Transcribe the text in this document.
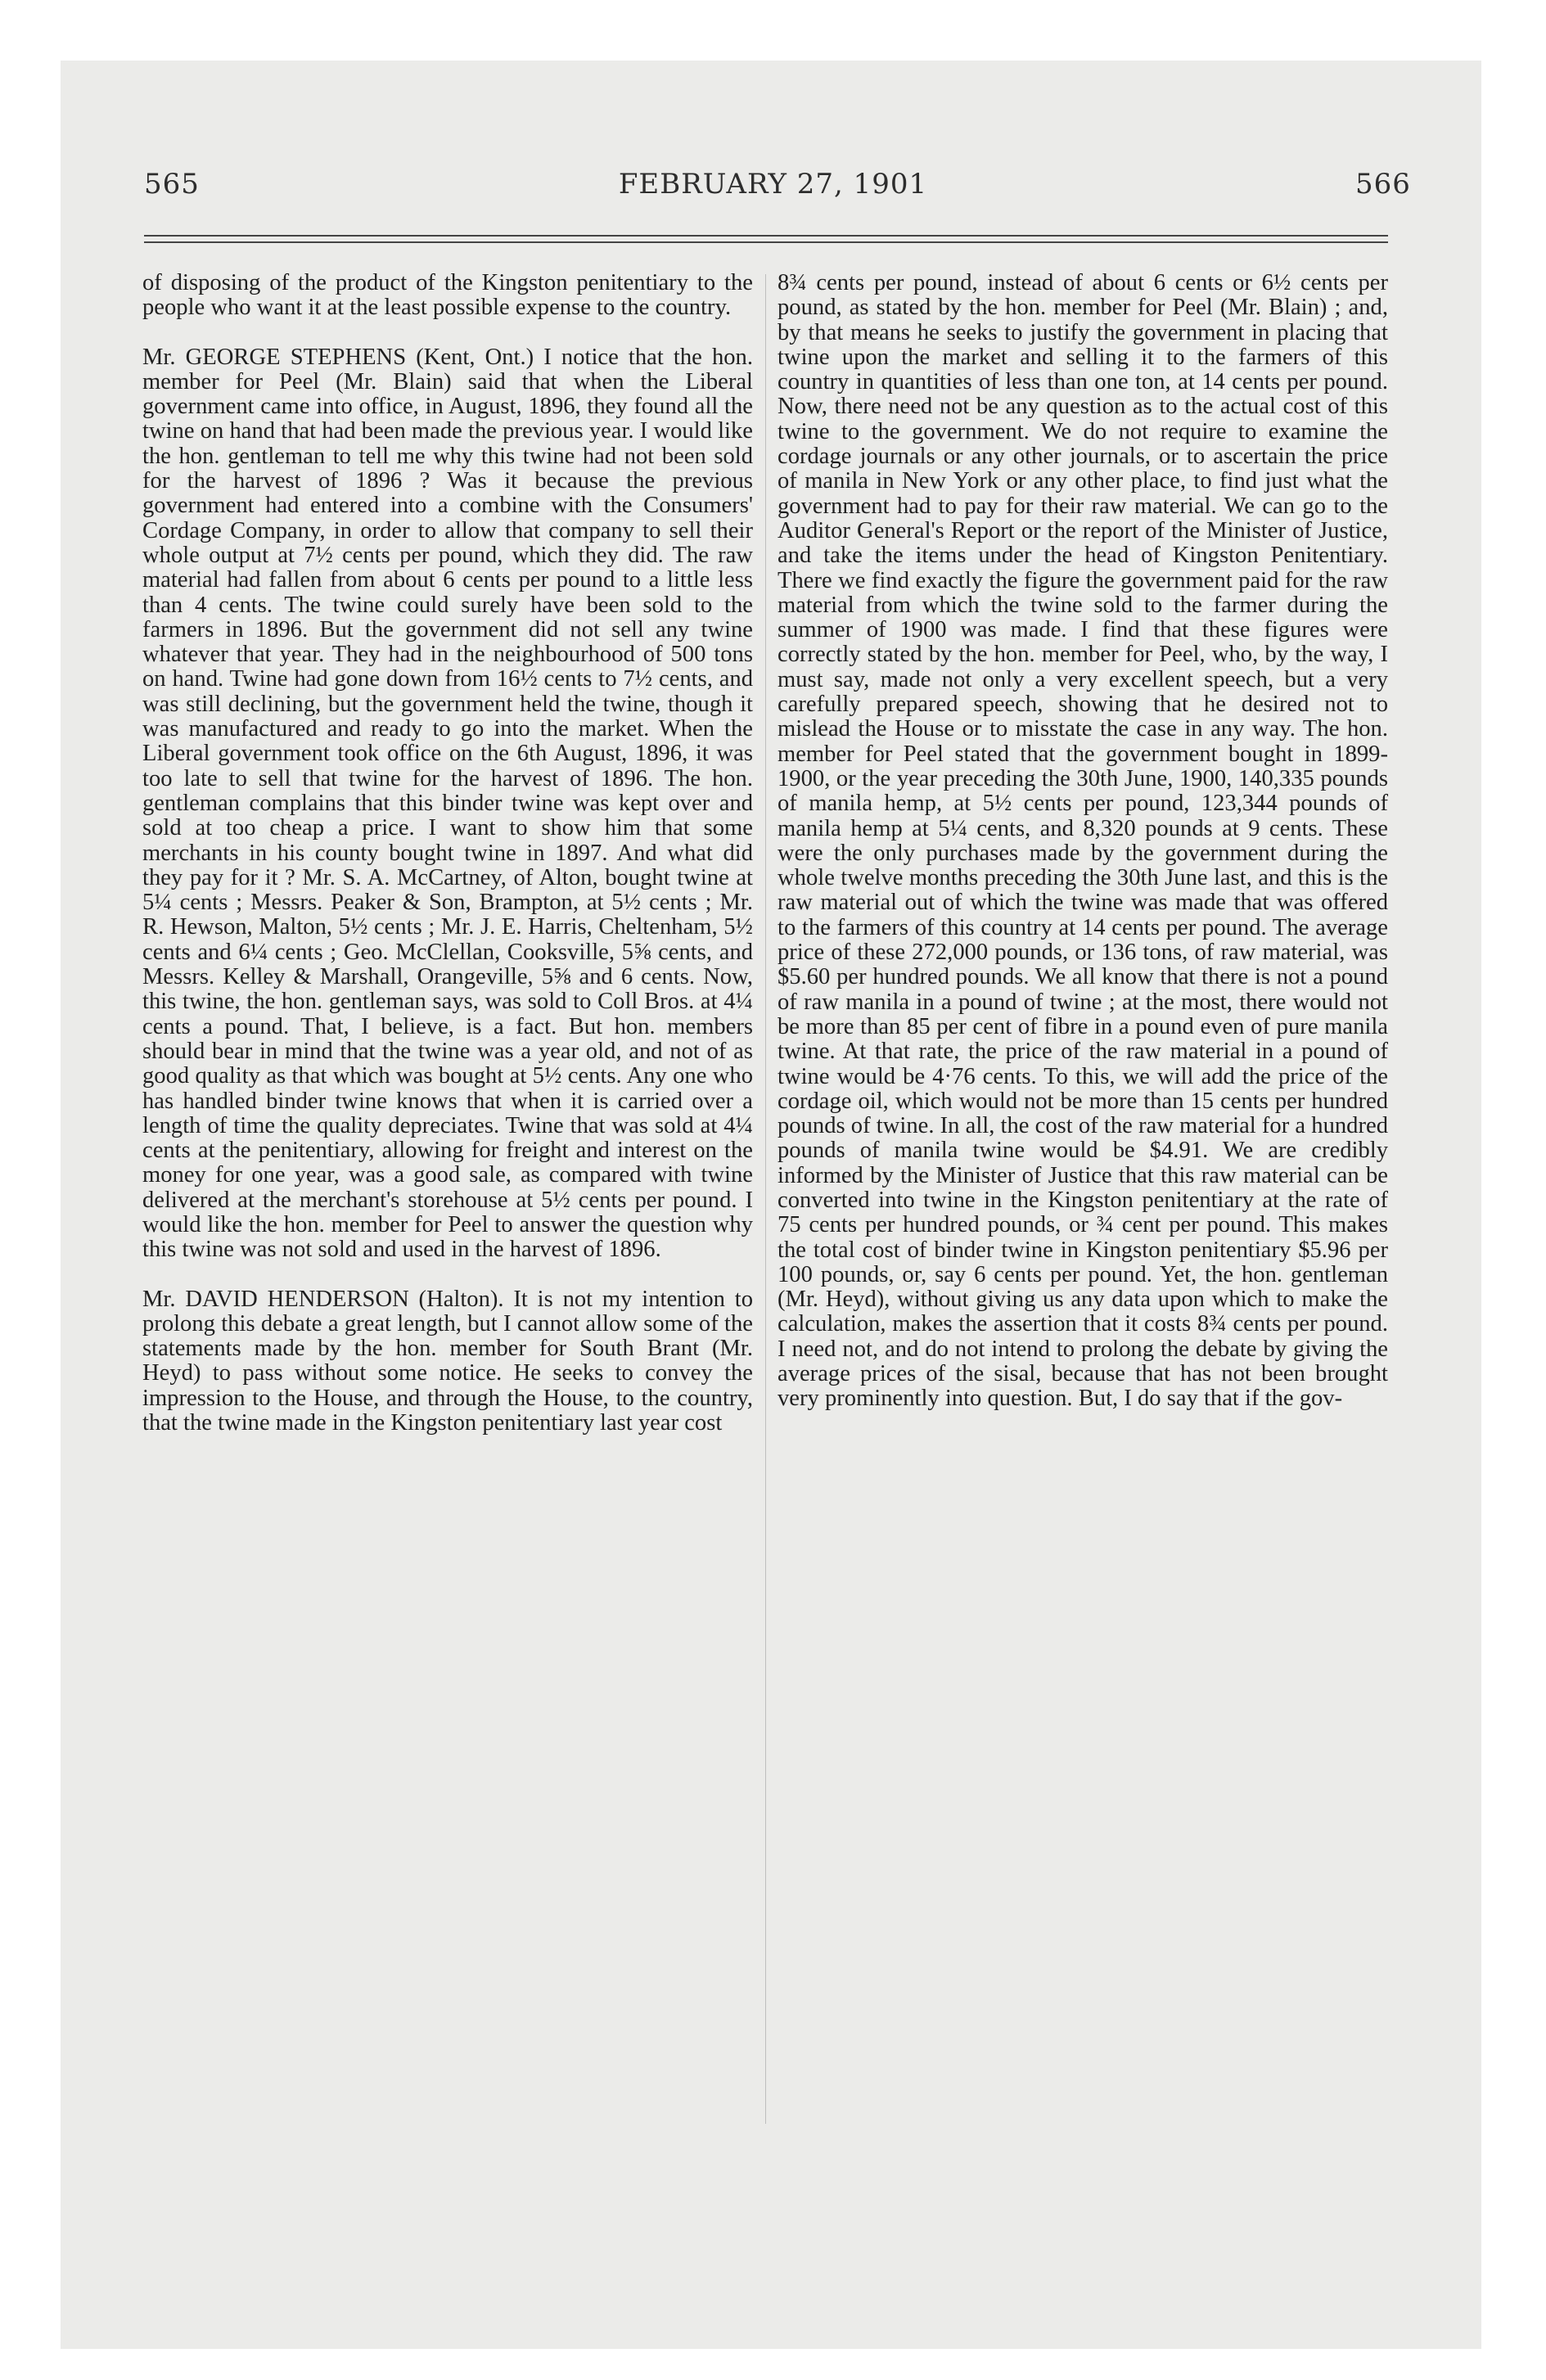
565	FEBRUARY 27, 1901	566

of disposing of the product of the Kingston penitentiary to the people who want it at the least possible expense to the country.

Mr. GEORGE STEPHENS (Kent, Ont.) I notice that the hon. member for Peel (Mr. Blain) said that when the Liberal government came into office, in August, 1896, they found all the twine on hand that had been made the previous year. I would like the hon. gentleman to tell me why this twine had not been sold for the harvest of 1896 ? Was it because the previous government had entered into a combine with the Consumers' Cordage Company, in order to allow that company to sell their whole output at 7½ cents per pound, which they did. The raw material had fallen from about 6 cents per pound to a little less than 4 cents. The twine could surely have been sold to the farmers in 1896. But the government did not sell any twine whatever that year. They had in the neighbourhood of 500 tons on hand. Twine had gone down from 16½ cents to 7½ cents, and was still declining, but the government held the twine, though it was manufactured and ready to go into the market. When the Liberal government took office on the 6th August, 1896, it was too late to sell that twine for the harvest of 1896. The hon. gentleman complains that this binder twine was kept over and sold at too cheap a price. I want to show him that some merchants in his county bought twine in 1897. And what did they pay for it ? Mr. S. A. McCartney, of Alton, bought twine at 5¼ cents ; Messrs. Peaker & Son, Brampton, at 5½ cents ; Mr. R. Hewson, Malton, 5½ cents ; Mr. J. E. Harris, Cheltenham, 5½ cents and 6¼ cents ; Geo. McClellan, Cooksville, 5⅝ cents, and Messrs. Kelley & Marshall, Orangeville, 5⅝ and 6 cents. Now, this twine, the hon. gentleman says, was sold to Coll Bros. at 4¼ cents a pound. That, I believe, is a fact. But hon. members should bear in mind that the twine was a year old, and not of as good quality as that which was bought at 5½ cents. Any one who has handled binder twine knows that when it is carried over a length of time the quality depreciates. Twine that was sold at 4¼ cents at the penitentiary, allowing for freight and interest on the money for one year, was a good sale, as compared with twine delivered at the merchant's storehouse at 5½ cents per pound. I would like the hon. member for Peel to answer the question why this twine was not sold and used in the harvest of 1896.

Mr. DAVID HENDERSON (Halton). It is not my intention to prolong this debate a great length, but I cannot allow some of the statements made by the hon. member for South Brant (Mr. Heyd) to pass without some notice. He seeks to convey the impression to the House, and through the House, to the country, that the twine made in the Kingston penitentiary last year cost

8¾ cents per pound, instead of about 6 cents or 6½ cents per pound, as stated by the hon. member for Peel (Mr. Blain) ; and, by that means he seeks to justify the government in placing that twine upon the market and selling it to the farmers of this country in quantities of less than one ton, at 14 cents per pound. Now, there need not be any question as to the actual cost of this twine to the government. We do not require to examine the cordage journals or any other journals, or to ascertain the price of manila in New York or any other place, to find just what the government had to pay for their raw material. We can go to the Auditor General's Report or the report of the Minister of Justice, and take the items under the head of Kingston Penitentiary. There we find exactly the figure the government paid for the raw material from which the twine sold to the farmer during the summer of 1900 was made. I find that these figures were correctly stated by the hon. member for Peel, who, by the way, I must say, made not only a very excellent speech, but a very carefully prepared speech, showing that he desired not to mislead the House or to misstate the case in any way. The hon. member for Peel stated that the government bought in 1899-1900, or the year preceding the 30th June, 1900, 140,335 pounds of manila hemp, at 5½ cents per pound, 123,344 pounds of manila hemp at 5¼ cents, and 8,320 pounds at 9 cents. These were the only purchases made by the government during the whole twelve months preceding the 30th June last, and this is the raw material out of which the twine was made that was offered to the farmers of this country at 14 cents per pound. The average price of these 272,000 pounds, or 136 tons, of raw material, was $5.60 per hundred pounds. We all know that there is not a pound of raw manila in a pound of twine ; at the most, there would not be more than 85 per cent of fibre in a pound even of pure manila twine. At that rate, the price of the raw material in a pound of twine would be 4·76 cents. To this, we will add the price of the cordage oil, which would not be more than 15 cents per hundred pounds of twine. In all, the cost of the raw material for a hundred pounds of manila twine would be $4.91. We are credibly informed by the Minister of Justice that this raw material can be converted into twine in the Kingston penitentiary at the rate of 75 cents per hundred pounds, or ¾ cent per pound. This makes the total cost of binder twine in Kingston penitentiary $5.96 per 100 pounds, or, say 6 cents per pound. Yet, the hon. gentleman (Mr. Heyd), without giving us any data upon which to make the calculation, makes the assertion that it costs 8¾ cents per pound. I need not, and do not intend to prolong the debate by giving the average prices of the sisal, because that has not been brought very prominently into question. But, I do say that if the gov-
